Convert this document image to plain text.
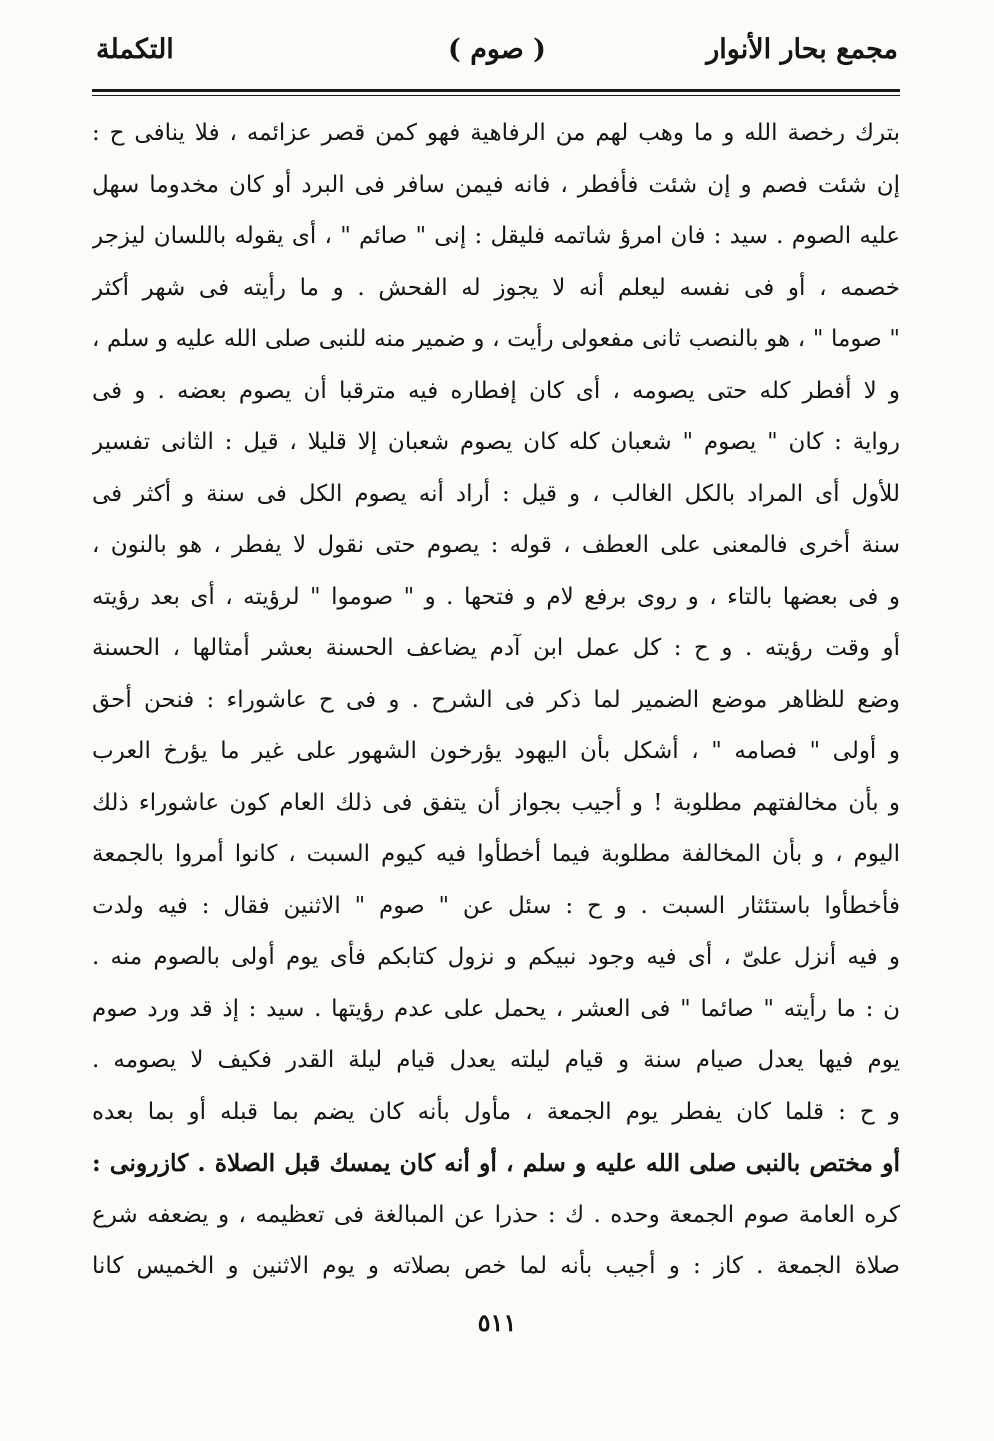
مجمع بحار الأنوار
( صوم )
التكملة
بترك رخصة الله و ما وهب لهم من الرفاهية فهو كمن قصر عزائمه ، فلا ينافى ح :
إن شئت فصم و إن شئت فأفطر ، فانه فيمن سافر فى البرد أو كان مخدوما سهل
عليه الصوم . سيد : فان امرؤ شاتمه فليقل : إنى " صائم " ، أى يقوله باللسان ليزجر
خصمه ، أو فى نفسه ليعلم أنه لا يجوز له الفحش . و ما رأيته فى شهر أكثر
" صوما " ، هو بالنصب ثانى مفعولى رأيت ، و ضمير منه للنبى صلى الله عليه و سلم ،
و لا أفطر كله حتى يصومه ، أى كان إفطاره فيه مترقبا أن يصوم بعضه . و فى
رواية : كان " يصوم " شعبان كله كان يصوم شعبان إلا قليلا ، قيل : الثانى تفسير
للأول أى المراد بالكل الغالب ، و قيل : أراد أنه يصوم الكل فى سنة و أكثر فى
سنة أخرى فالمعنى على العطف ، قوله : يصوم حتى نقول لا يفطر ، هو بالنون ،
و فى بعضها بالتاء ، و روى برفع لام و فتحها . و " صوموا " لرؤيته ، أى بعد رؤيته
أو وقت رؤيته . و ح : كل عمل ابن آدم يضاعف الحسنة بعشر أمثالها ، الحسنة
وضع للظاهر موضع الضمير لما ذكر فى الشرح . و فى ح عاشوراء : فنحن أحق
و أولى " فصامه " ، أشكل بأن اليهود يؤرخون الشهور على غير ما يؤرخ العرب
و بأن مخالفتهم مطلوبة ! و أجيب بجواز أن يتفق فى ذلك العام كون عاشوراء ذلك
اليوم ، و بأن المخالفة مطلوبة فيما أخطأوا فيه كيوم السبت ، كانوا أمروا بالجمعة
فأخطأوا باستئثار السبت . و ح : سئل عن " صوم " الاثنين فقال : فيه ولدت
و فيه أنزل علىّ ، أى فيه وجود نبيكم و نزول كتابكم فأى يوم أولى بالصوم منه .
ن : ما رأيته " صائما " فى العشر ، يحمل على عدم رؤيتها . سيد : إذ قد ورد صوم
يوم فيها يعدل صيام سنة و قيام ليلته يعدل قيام ليلة القدر فكيف لا يصومه .
و ح : قلما كان يفطر يوم الجمعة ، مأول بأنه كان يضم بما قبله أو بما بعده
أو مختص بالنبى صلى الله عليه و سلم ، أو أنه كان يمسك قبل الصلاة . كازرونى :
كره العامة صوم الجمعة وحده . ك : حذرا عن المبالغة فى تعظيمه ، و يضعفه شرع
صلاة الجمعة . كاز : و أجيب بأنه لما خص بصلاته و يوم الاثنين و الخميس كانا
٥١١
